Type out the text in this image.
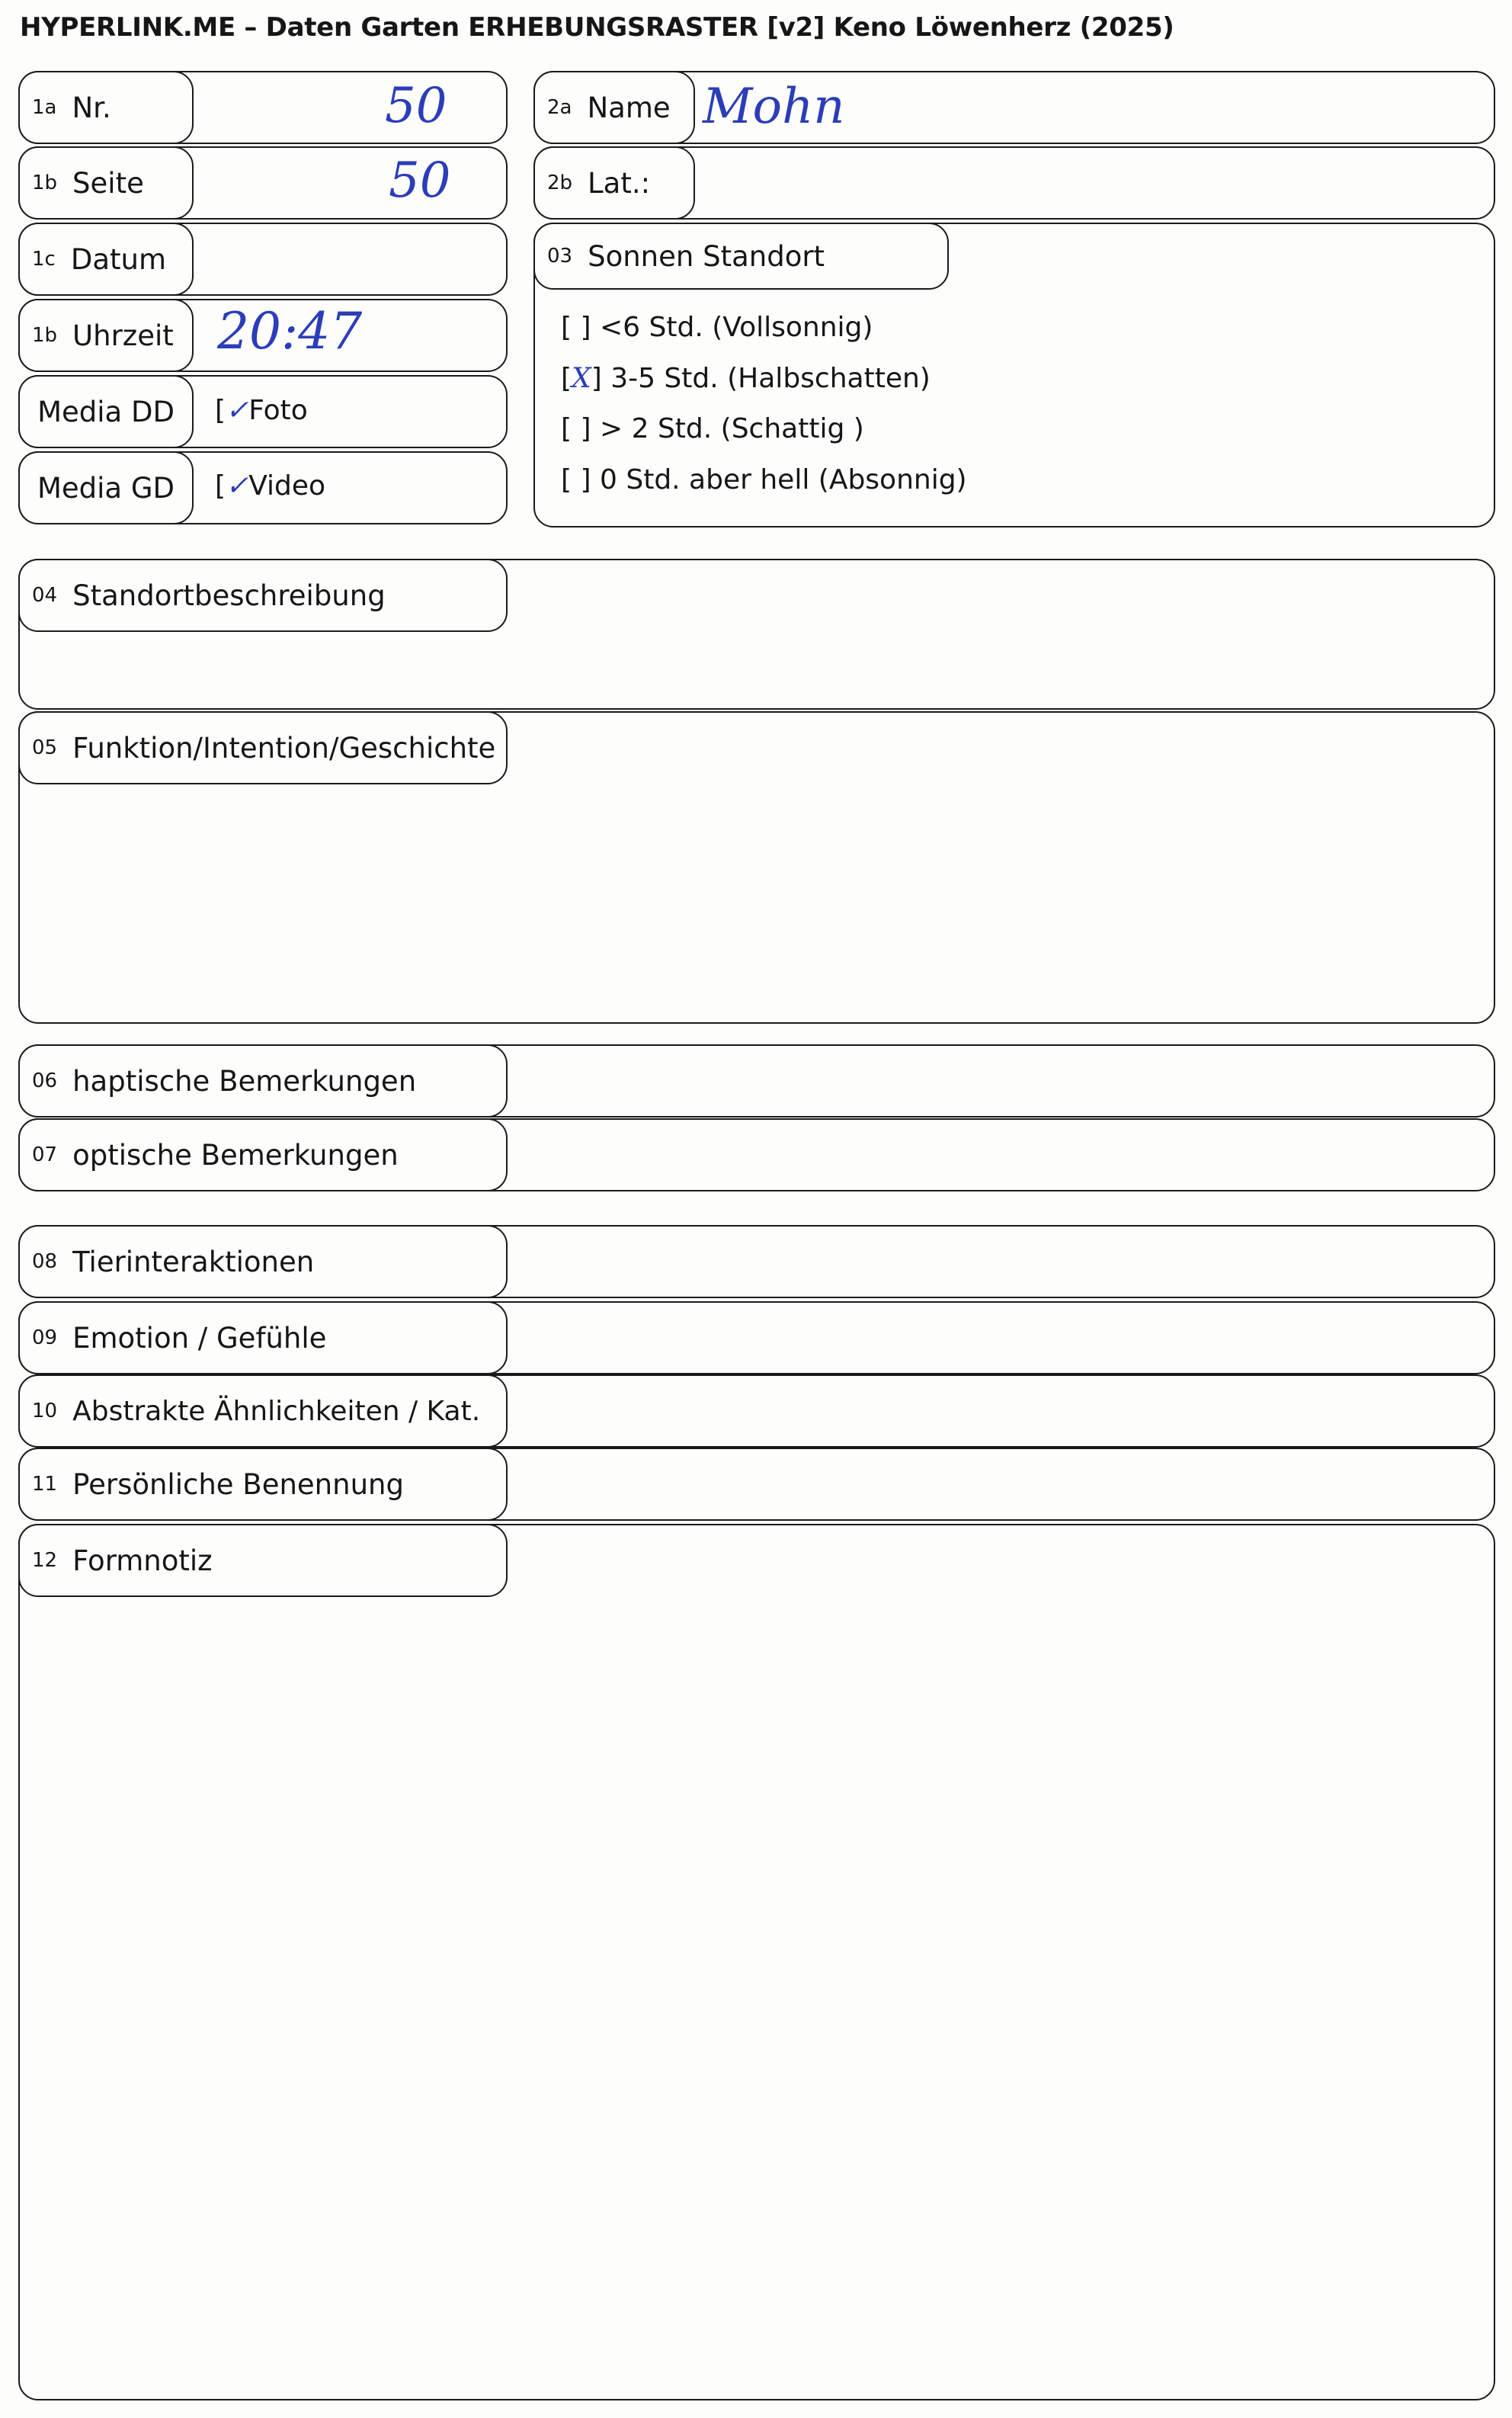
HYPERLINK.ME – Daten Garten ERHEBUNGSRASTER [v2] Keno Löwenherz (2025)
1a Nr.	50
1b Seite	50
1c Datum
1b Uhrzeit 20:47
Media DD [✓Foto
Media GD [✓Video
2a Name Mohn
2b Lat.:
03 Sonnen Standort
[ ] <6 Std. (Vollsonnig)
[X] 3-5 Std. (Halbschatten)
[ ] > 2 Std. (Schattig )
[ ] 0 Std. aber hell (Absonnig)
04 Standortbeschreibung
05 Funktion/Intention/Geschichte
06 haptische Bemerkungen
07 optische Bemerkungen
08 Tierinteraktionen
09 Emotion / Gefühle
10 Abstrakte Ähnlichkeiten / Kat.
11 Persönliche Benennung
12 Formnotiz
